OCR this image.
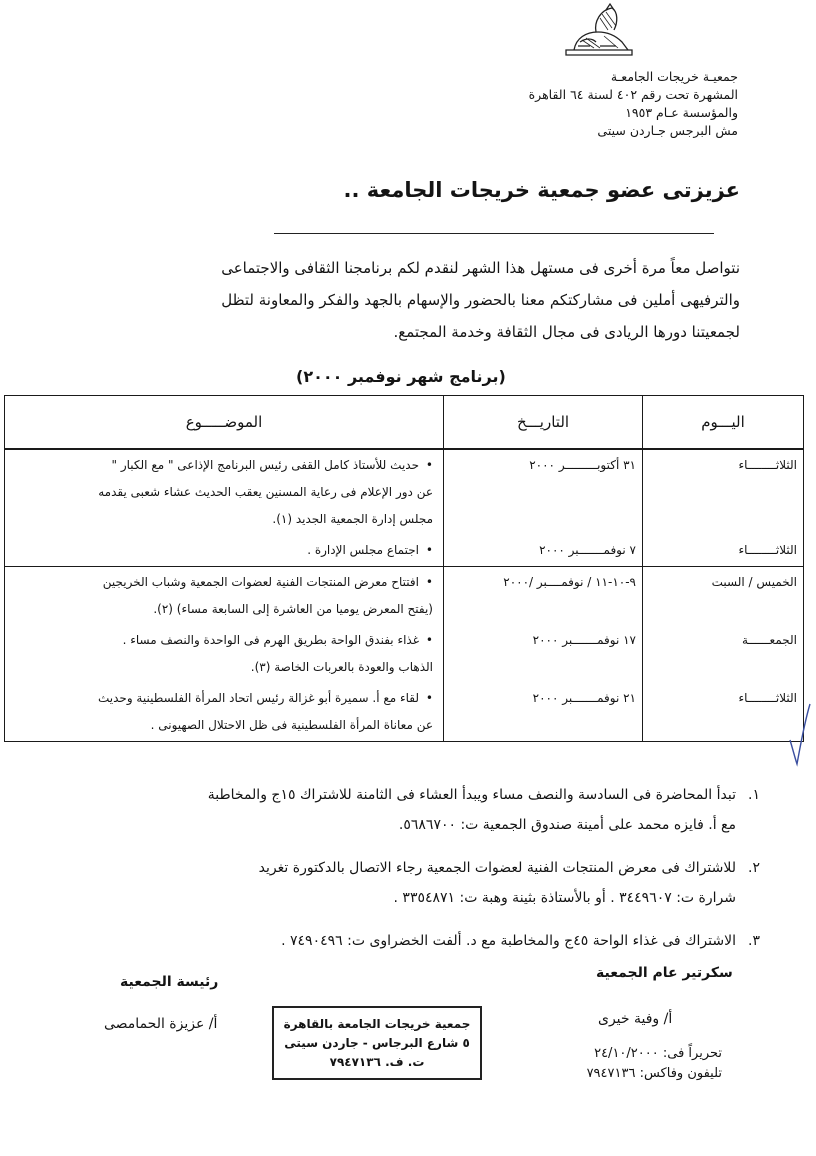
جمعيـة خريجات الجامعـة
المشهرة تحت رقم ٤٠٢ لسنة ٦٤ القاهرة
والمؤسسة عـام ١٩٥٣
مش البرجس جـاردن سيتى
عزيزتى عضو جمعية خريجات الجامعة ..
نتواصل معاً مرة أخرى فى مستهل هذا الشهر لنقدم لكم برنامجنا الثقافى والاجتماعى
والترفيهى أملين فى مشاركتكم معنا بالحضور والإسهام بالجهد والفكر والمعاونة لتظل
لجمعيتنا دورها الريادى فى مجال الثقافة وخدمة المجتمع.
(برنامج شهر نوفمبر ٢٠٠٠)
اليـــوم	التاريـــخ	الموضـــــوع

الثلاثــــــــاء	٣١ أكتوبـــــــــر ٢٠٠٠	•حديث للأستاذ كامل القفى رئيس البرنامج الإذاعى " مع الكبار "
عن دور الإعلام فى رعاية المسنين يعقب الحديث عشاء شعبى يقدمه
مجلس إدارة الجمعية الجديد (١).

الثلاثــــــــاء	٧ نوفمـــــــبر ٢٠٠٠	•اجتماع مجلس الإدارة .

الخميس / السبت	٩-١٠-١١ / نوفمــــبر /٢٠٠٠	•افتتاح معرض المنتجات الفنية لعضوات الجمعية وشباب الخريجين
(يفتح المعرض يوميا من العاشرة إلى السابعة مساء) (٢).

الجمعــــــة	١٧ نوفمـــــــبر ٢٠٠٠	•غذاء بفندق الواحة بطريق الهرم فى الواحدة والنصف مساء .
الذهاب والعودة بالعربات الخاصة (٣).

الثلاثــــــــاء	٢١ نوفمـــــــبر ٢٠٠٠	•لقاء مع أ. سميرة أبو غزالة رئيس اتحاد المرأة الفلسطينية وحديث
عن معاناة المرأة الفلسطينية فى ظل الاحتلال الصهيونى .
١.
تبدأ المحاضرة فى السادسة والنصف مساء ويبدأ العشاء فى الثامنة للاشتراك ١٥ج والمخاطبة
مع أ. فايزه محمد على أمينة صندوق الجمعية ت: ٥٦٨٦٧٠٠.
٢.
للاشتراك فى معرض المنتجات الفنية لعضوات الجمعية رجاء الاتصال بالدكتورة تغريد
شرارة ت: ٣٤٤٩٦٠٧ . أو بالأستاذة بثينة وهبة ت: ٣٣٥٤٨٧١ .
٣.
الاشتراك فى غذاء الواحة ٤٥ج والمخاطبة مع د. ألفت الخضراوى ت: ٧٤٩٠٤٩٦ .
سكرتير عام الجمعية
أ/ وفية خيرى
رئيسة الجمعية
أ/ عزيزة الحمامصى	جمعية خريجات الجامعة بالقاهرة
٥ شارع البرجاس - جاردن سيتى
ت. ف. ٧٩٤٧١٣٦
تحريراً فى: ٢٤/١٠/٢٠٠٠
تليفون وفاكس: ٧٩٤٧١٣٦
